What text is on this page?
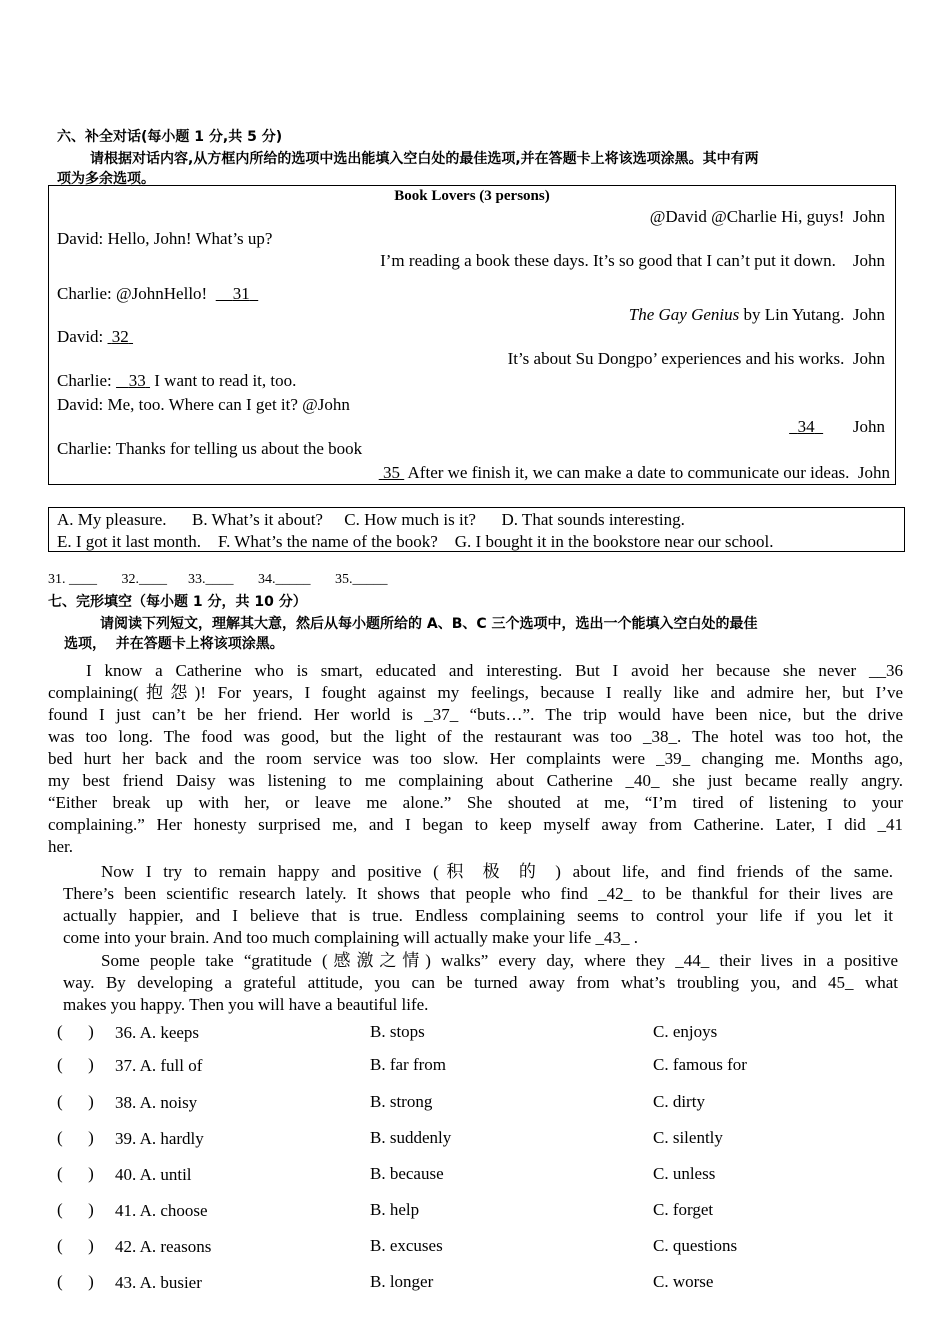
六、补全对话(每小题 1 分,共 5 分)
请根据对话内容,从方框内所给的选项中选出能填入空白处的最佳选项,并在答题卡上将该选项涂黑。其中有两
项为多余选项。
Book Lovers (3 persons)
@David @Charlie Hi, guys! John
David: Hello, John! What’s up?
I’m reading a book these days. It’s so good that I can’t put it down. John
Charlie: @JohnHello! 31
The Gay Genius by Lin Yutang. John
David: 32
It’s about Su Dongpo’ experiences and his works. John
Charlie: 33  I want to read it, too.
David: Me, too. Where can I get it? @John
34 John
Charlie: Thanks for telling us about the book
35  After we finish it, we can make a date to communicate our ideas. John
A. My pleasure.      B. What’s it about?     C. How much is it?      D. That sounds interesting.
E. I got it last month.    F. What’s the name of the book?    G. I bought it in the bookstore near our school.
31. ____       32.____      33.____       34._____       35._____
七、完形填空（每小题 1 分，共 10 分）
请阅读下列短文，理解其大意，然后从每小题所给的 A、B、C 三个选项中，选出一个能填入空白处的最佳
选项，  并在答题卡上将该项涂黑。
I know a Catherine who is smart, educated and interesting. But I avoid her because she never __36
complaining(抱怨)! For years, I fought against my feelings, because I really like and admire her, but I’ve
found I just can’t be her friend. Her world is _37_ “buts…”. The trip would have been nice, but the drive
was too long. The food was good, but the light of the restaurant was too _38_. The hotel was too hot, the
bed hurt her back and the room service was too slow. Her complaints were _39_ changing me. Months ago,
my best friend Daisy was listening to me complaining about Catherine _40_ she just became really angry.
“Either break up with her, or leave me alone.” She shouted at me, “I’m tired of listening to your
complaining.” Her honesty surprised me, and I began to keep myself away from Catherine. Later, I did _41
her.
Now I try to remain happy and positive (积 极 的 ) about life, and find friends of the same.
There’s been scientific research lately. It shows that people who find _42_ to be thankful for their lives are
actually happier, and I believe that is true. Endless complaining seems to control your life if you let it
come into your brain. And too much complaining will actually make your life _43_ .
Some people take “gratitude (感激之情) walks” every day, where they _44_ their lives in a positive
way. By developing a grateful attitude, you can be turned away from what’s troubling you, and 45_ what
makes you happy. Then you will have a beautiful life.
(      ) 36. A. keeps	B. stops	C. enjoys
(      ) 37. A. full of	B. far from	C. famous for
(      ) 38. A. noisy	B. strong	C. dirty
(      ) 39. A. hardly	B. suddenly	C. silently
(      ) 40. A. until	B. because	C. unless
(      ) 41. A. choose	B. help	C. forget
(      ) 42. A. reasons	B. excuses	C. questions
(      ) 43. A. busier	B. longer	C. worse
